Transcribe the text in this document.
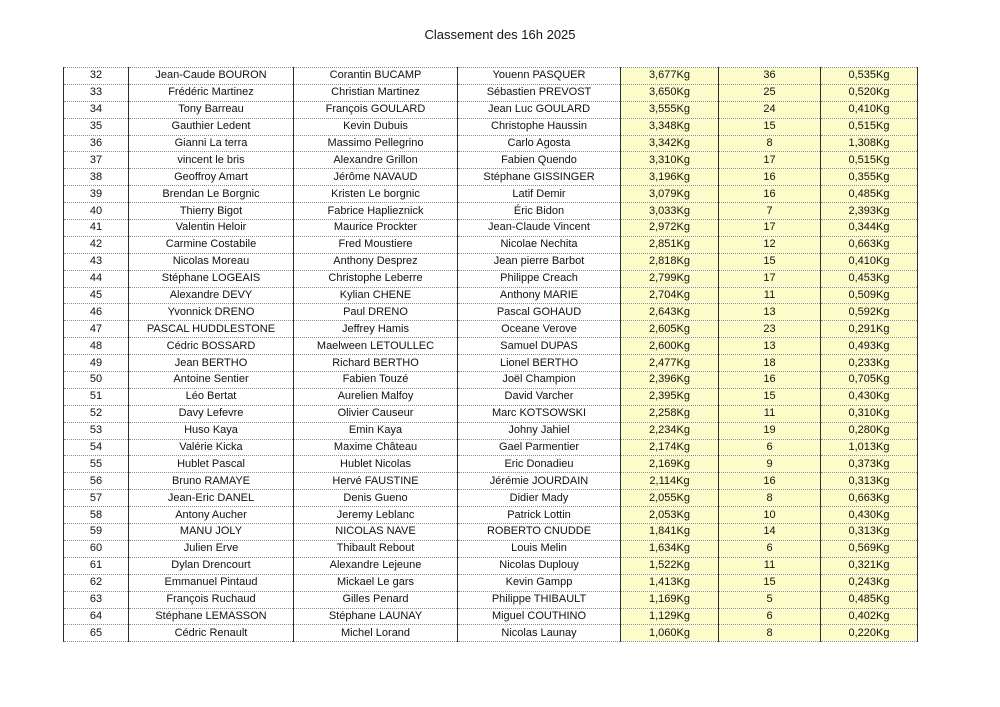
Classement des 16h 2025
32	Jean-Caude BOURON	Corantin BUCAMP	Youenn PASQUER	3,677Kg	36	0,535Kg
33	Frédéric Martinez	Christian Martinez	Sébastien PREVOST	3,650Kg	25	0,520Kg
34	Tony Barreau	François GOULARD	Jean Luc GOULARD	3,555Kg	24	0,410Kg
35	Gauthier Ledent	Kevin Dubuis	Christophe Haussin	3,348Kg	15	0,515Kg
36	Gianni La terra	Massimo Pellegrino	Carlo Agosta	3,342Kg	8	1,308Kg
37	vincent le bris	Alexandre Grillon	Fabien Quendo	3,310Kg	17	0,515Kg
38	Geoffroy Amart	Jérôme NAVAUD	Stéphane GISSINGER	3,196Kg	16	0,355Kg
39	Brendan Le Borgnic	Kristen Le borgnic	Latif Demir	3,079Kg	16	0,485Kg
40	Thierry Bigot	Fabrice Haplieznick	Éric Bidon	3,033Kg	7	2,393Kg
41	Valentin Heloir	Maurice Prockter	Jean-Claude Vincent	2,972Kg	17	0,344Kg
42	Carmine Costabile	Fred Moustiere	Nicolae Nechita	2,851Kg	12	0,663Kg
43	Nicolas Moreau	Anthony Desprez	Jean pierre Barbot	2,818Kg	15	0,410Kg
44	Stéphane LOGEAIS	Christophe Leberre	Philippe Creach	2,799Kg	17	0,453Kg
45	Alexandre DEVY	Kylian CHENE	Anthony MARIE	2,704Kg	11	0,509Kg
46	Yvonnick DRENO	Paul DRENO	Pascal GOHAUD	2,643Kg	13	0,592Kg
47	PASCAL HUDDLESTONE	Jeffrey Hamis	Oceane Verove	2,605Kg	23	0,291Kg
48	Cédric BOSSARD	Maelween LETOULLEC	Samuel DUPAS	2,600Kg	13	0,493Kg
49	Jean BERTHO	Richard BERTHO	Lionel BERTHO	2,477Kg	18	0,233Kg
50	Antoine Sentier	Fabien Touzé	Joël Champion	2,396Kg	16	0,705Kg
51	Léo Bertat	Aurelien Malfoy	David Varcher	2,395Kg	15	0,430Kg
52	Davy Lefevre	Olivier Causeur	Marc KOTSOWSKI	2,258Kg	11	0,310Kg
53	Huso Kaya	Emin Kaya	Johny Jahiel	2,234Kg	19	0,280Kg
54	Valérie Kicka	Maxime Château	Gael Parmentier	2,174Kg	6	1,013Kg
55	Hublet Pascal	Hublet Nicolas	Eric Donadieu	2,169Kg	9	0,373Kg
56	Bruno RAMAYE	Hervé FAUSTINE	Jérémie JOURDAIN	2,114Kg	16	0,313Kg
57	Jean-Eric DANEL	Denis Gueno	Didier Mady	2,055Kg	8	0,663Kg
58	Antony Aucher	Jeremy Leblanc	Patrick Lottin	2,053Kg	10	0,430Kg
59	MANU JOLY	NICOLAS NAVE	ROBERTO CNUDDE	1,841Kg	14	0,313Kg
60	Julien Erve	Thibault Rebout	Louis Melin	1,634Kg	6	0,569Kg
61	Dylan Drencourt	Alexandre Lejeune	Nicolas Duplouy	1,522Kg	11	0,321Kg
62	Emmanuel Pintaud	Mickael Le gars	Kevin Gampp	1,413Kg	15	0,243Kg
63	François Ruchaud	Gilles Penard	Philippe THIBAULT	1,169Kg	5	0,485Kg
64	Stéphane LEMASSON	Stéphane LAUNAY	Miguel COUTHINO	1,129Kg	6	0,402Kg
65	Cédric Renault	Michel Lorand	Nicolas Launay	1,060Kg	8	0,220Kg
